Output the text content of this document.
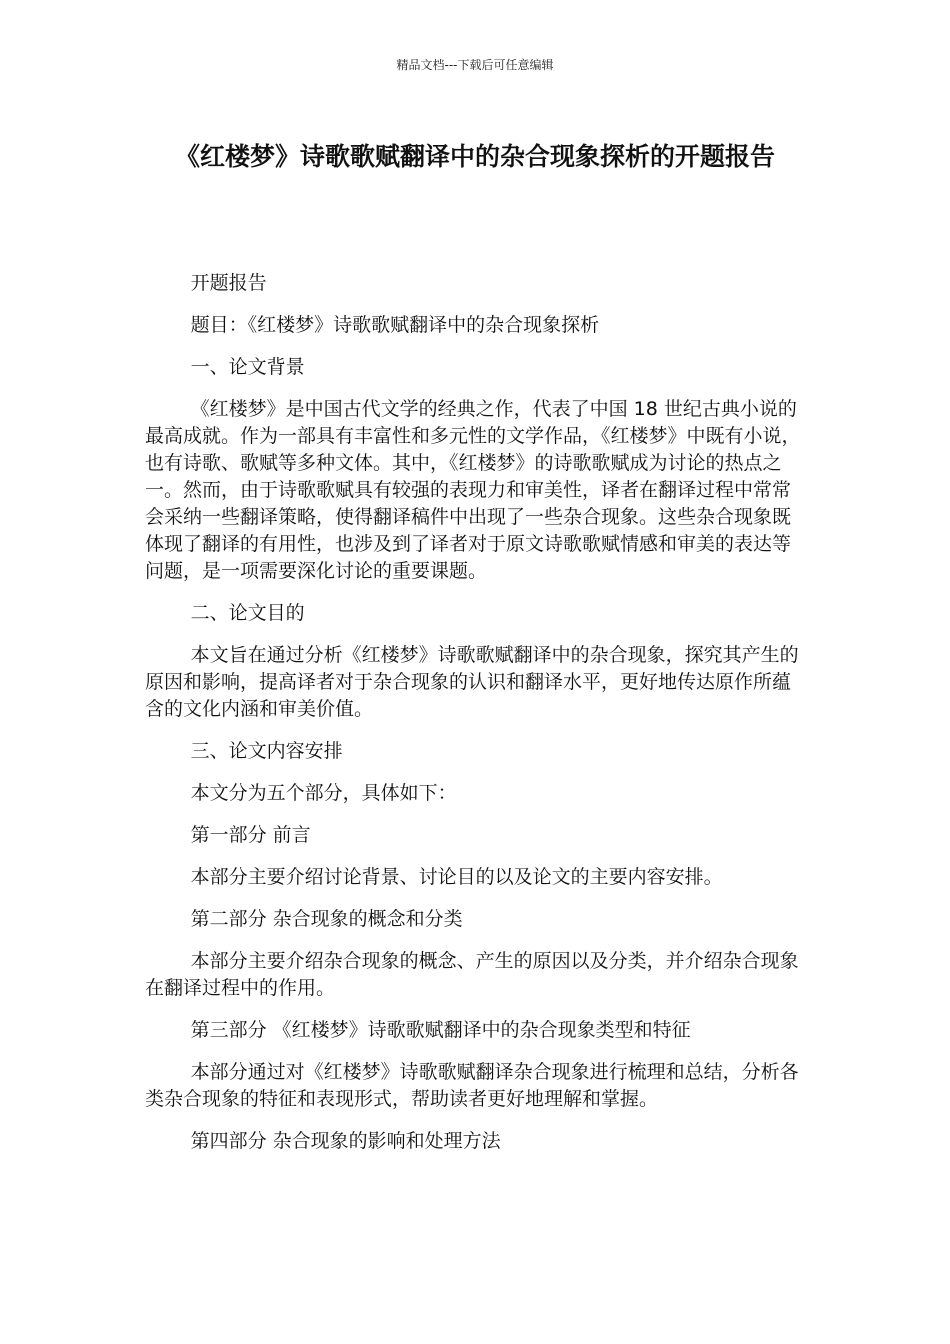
精品文档---下载后可任意编辑
《红楼梦》诗歌歌赋翻译中的杂合现象探析的开题报告

开题报告

题目：《红楼梦》诗歌歌赋翻译中的杂合现象探析

一、论文背景

《红楼梦》是中国古代文学的经典之作，代表了中国 18 世纪古典小说的最高成就。作为一部具有丰富性和多元性的文学作品，《红楼梦》中既有小说，也有诗歌、歌赋等多种文体。其中，《红楼梦》的诗歌歌赋成为讨论的热点之一。然而，由于诗歌歌赋具有较强的表现力和审美性，译者在翻译过程中常常会采纳一些翻译策略，使得翻译稿件中出现了一些杂合现象。这些杂合现象既体现了翻译的有用性，也涉及到了译者对于原文诗歌歌赋情感和审美的表达等问题，是一项需要深化讨论的重要课题。

二、论文目的

本文旨在通过分析《红楼梦》诗歌歌赋翻译中的杂合现象，探究其产生的原因和影响，提高译者对于杂合现象的认识和翻译水平，更好地传达原作所蕴含的文化内涵和审美价值。

三、论文内容安排

本文分为五个部分，具体如下：

第一部分 前言

本部分主要介绍讨论背景、讨论目的以及论文的主要内容安排。

第二部分 杂合现象的概念和分类

本部分主要介绍杂合现象的概念、产生的原因以及分类，并介绍杂合现象在翻译过程中的作用。

第三部分 《红楼梦》诗歌歌赋翻译中的杂合现象类型和特征

本部分通过对《红楼梦》诗歌歌赋翻译杂合现象进行梳理和总结，分析各类杂合现象的特征和表现形式，帮助读者更好地理解和掌握。

第四部分 杂合现象的影响和处理方法
